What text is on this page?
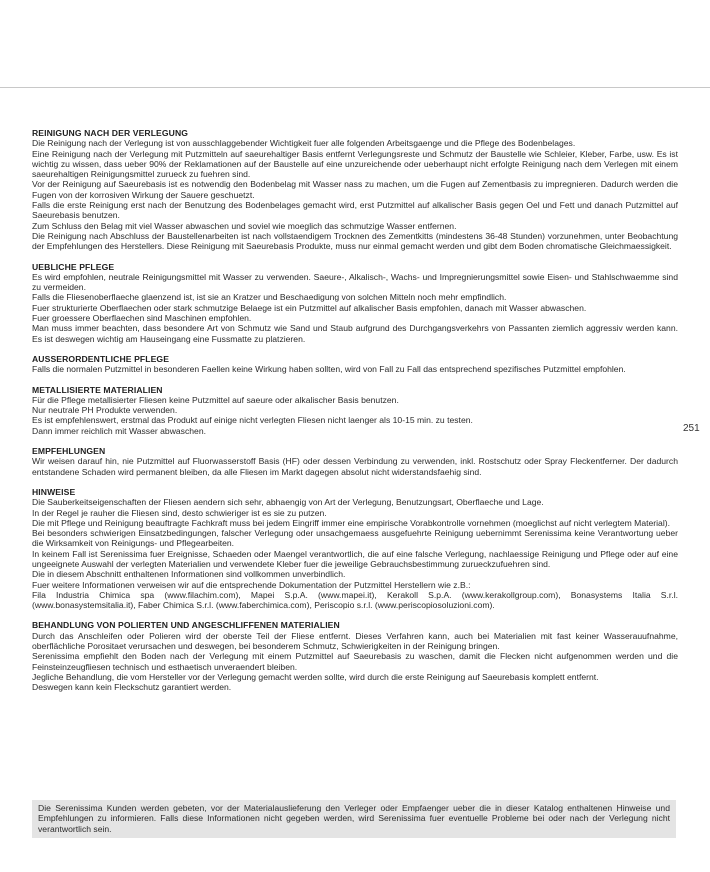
REINIGUNG NACH DER VERLEGUNG

Die Reinigung nach der Verlegung ist von ausschlaggebender Wichtigkeit fuer alle folgenden Arbeitsgaenge und die Pflege des Bodenbelages.

Eine Reinigung nach der Verlegung mit Putzmitteln auf saeurehaltiger Basis entfernt Verlegungsreste und Schmutz der Baustelle wie Schleier, Kleber, Farbe, usw. Es ist wichtig zu wissen, dass ueber 90% der Reklamationen auf der Baustelle auf eine unzureichende oder ueberhaupt nicht erfolgte Reinigung nach dem Verlegen mit einem saeurehaltigen Reinigungsmittel zurueck zu fuehren sind.

Vor der Reinigung auf Saeurebasis ist es notwendig den Bodenbelag mit Wasser nass zu machen, um die Fugen auf Zementbasis zu impregnieren. Dadurch werden die Fugen von der korrosiven Wirkung der Sauere geschuetzt.

Falls die erste Reinigung erst nach der Benutzung des Bodenbelages gemacht wird, erst Putzmittel auf alkalischer Basis gegen Oel und Fett und danach Putzmittel auf Saeurebasis benutzen.

Zum Schluss den Belag mit viel Wasser abwaschen und soviel wie moeglich das schmutzige Wasser entfernen.

Die Reinigung nach Abschluss der Baustellenarbeiten ist nach vollstaendigem Trocknen des Zementkitts (mindestens 36-48 Stunden) vorzunehmen, unter Beobachtung der Empfehlungen des Herstellers. Diese Reinigung mit Saeurebasis Produkte, muss nur einmal gemacht werden und gibt dem Boden chromatische Gleichmaessigkeit.

UEBLICHE PFLEGE

Es wird empfohlen, neutrale Reinigungsmittel mit Wasser zu verwenden. Saeure-, Alkalisch-, Wachs- und Impregnierungsmittel sowie Eisen- und Stahlschwaemme sind zu vermeiden.

Falls die Fliesenoberflaeche glaenzend ist, ist sie an Kratzer und Beschaedigung von solchen Mitteln noch mehr empfindlich.

Fuer strukturierte Oberflaechen oder stark schmutzige Belaege ist ein Putzmittel auf alkalischer Basis empfohlen, danach mit Wasser abwaschen.

Fuer groessere Oberflaechen sind Maschinen empfohlen.

Man muss immer beachten, dass besondere Art von Schmutz wie Sand und Staub aufgrund des Durchgangsverkehrs von Passanten ziemlich aggressiv werden kann. Es ist deswegen wichtig am Hauseingang eine Fussmatte zu platzieren.

AUSSERORDENTLICHE PFLEGE

Falls die normalen Putzmittel in besonderen Faellen keine Wirkung haben sollten, wird von Fall zu Fall das entsprechend spezifisches Putzmittel empfohlen.

METALLISIERTE MATERIALIEN

Für die Pflege metallisierter Fliesen keine Putzmittel auf saeure oder alkalischer Basis benutzen.

Nur neutrale PH Produkte verwenden.

Es ist empfehlenswert, erstmal das Produkt auf einige nicht verlegten Fliesen nicht laenger als 10-15 min. zu testen.

Dann immer reichlich mit Wasser abwaschen.

EMPFEHLUNGEN

Wir weisen darauf hin, nie Putzmittel auf Fluorwasserstoff Basis (HF) oder dessen Verbindung zu verwenden, inkl. Rostschutz oder Spray Fleckentferner. Der dadurch entstandene Schaden wird permanent bleiben, da alle Fliesen im Markt dagegen absolut nicht widerstandsfaehig sind.

HINWEISE

Die Sauberkeitseigenschaften der Fliesen aendern sich sehr, abhaengig von Art der Verlegung, Benutzungsart, Oberflaeche und Lage.

In der Regel je rauher die Fliesen sind, desto schwieriger ist es sie zu putzen.

Die mit Pflege und Reinigung beauftragte Fachkraft muss bei jedem Eingriff immer eine empirische Vorabkontrolle vornehmen (moeglichst auf nicht verlegtem Material).

Bei besonders schwierigen Einsatzbedingungen, falscher Verlegung oder unsachgemaess ausgefuehrte Reinigung uebernimmt Serenissima keine Verantwortung ueber die Wirksamkeit von Reinigungs- und Pflegearbeiten.

In keinem Fall ist Serenissima fuer Ereignisse, Schaeden oder Maengel verantwortlich, die auf eine falsche Verlegung, nachlaessige Reinigung und Pflege oder auf eine ungeeignete Auswahl der verlegten Materialien und verwendete Kleber fuer die jeweilige Gebrauchsbestimmung zurueckzufuehren sind.

Die in diesem Abschnitt enthaltenen Informationen sind vollkommen unverbindlich.

Fuer weitere Informationen verweisen wir auf die entsprechende Dokumentation der Putzmittel Herstellern wie z.B.:

Fila Industria Chimica spa (www.filachim.com), Mapei S.p.A. (www.mapei.it), Kerakoll S.p.A. (www.kerakollgroup.com), Bonasystems Italia S.r.l. (www.bonasystemsitalia.it), Faber Chimica S.r.l. (www.faberchimica.com), Periscopio s.r.l. (www.periscopiosoluzioni.com).

BEHANDLUNG VON POLIERTEN UND ANGESCHLIFFENEN MATERIALIEN

Durch das Anschleifen oder Polieren wird der oberste Teil der Fliese entfernt. Dieses Verfahren kann, auch bei Materialien mit fast keiner Wasserauufnahme, oberflächliche Porositaet verursachen und deswegen, bei besonderem Schmutz, Schwierigkeiten in der Reinigung bringen.

Serenissima empfiehlt den Boden nach der Verlegung mit einem Putzmittel auf Saeurebasis zu waschen, damit die Flecken nicht aufgenommen werden und die Feinsteinzeugfliesen technisch und esthaetisch unveraendert bleiben.

Jegliche Behandlung, die vom Hersteller vor der Verlegung gemacht werden sollte, wird durch die erste Reinigung auf Saeurebasis komplett entfernt.

Deswegen kann kein Fleckschutz garantiert werden.

251
Die Serenissima Kunden werden gebeten, vor der Materialauslieferung den Verleger oder Empfaenger ueber die in dieser Katalog enthaltenen Hinweise und Empfehlungen zu informieren. Falls diese Informationen nicht gegeben werden, wird Serenissima fuer eventuelle Probleme bei oder nach der Verlegung nicht verantwortlich sein.
